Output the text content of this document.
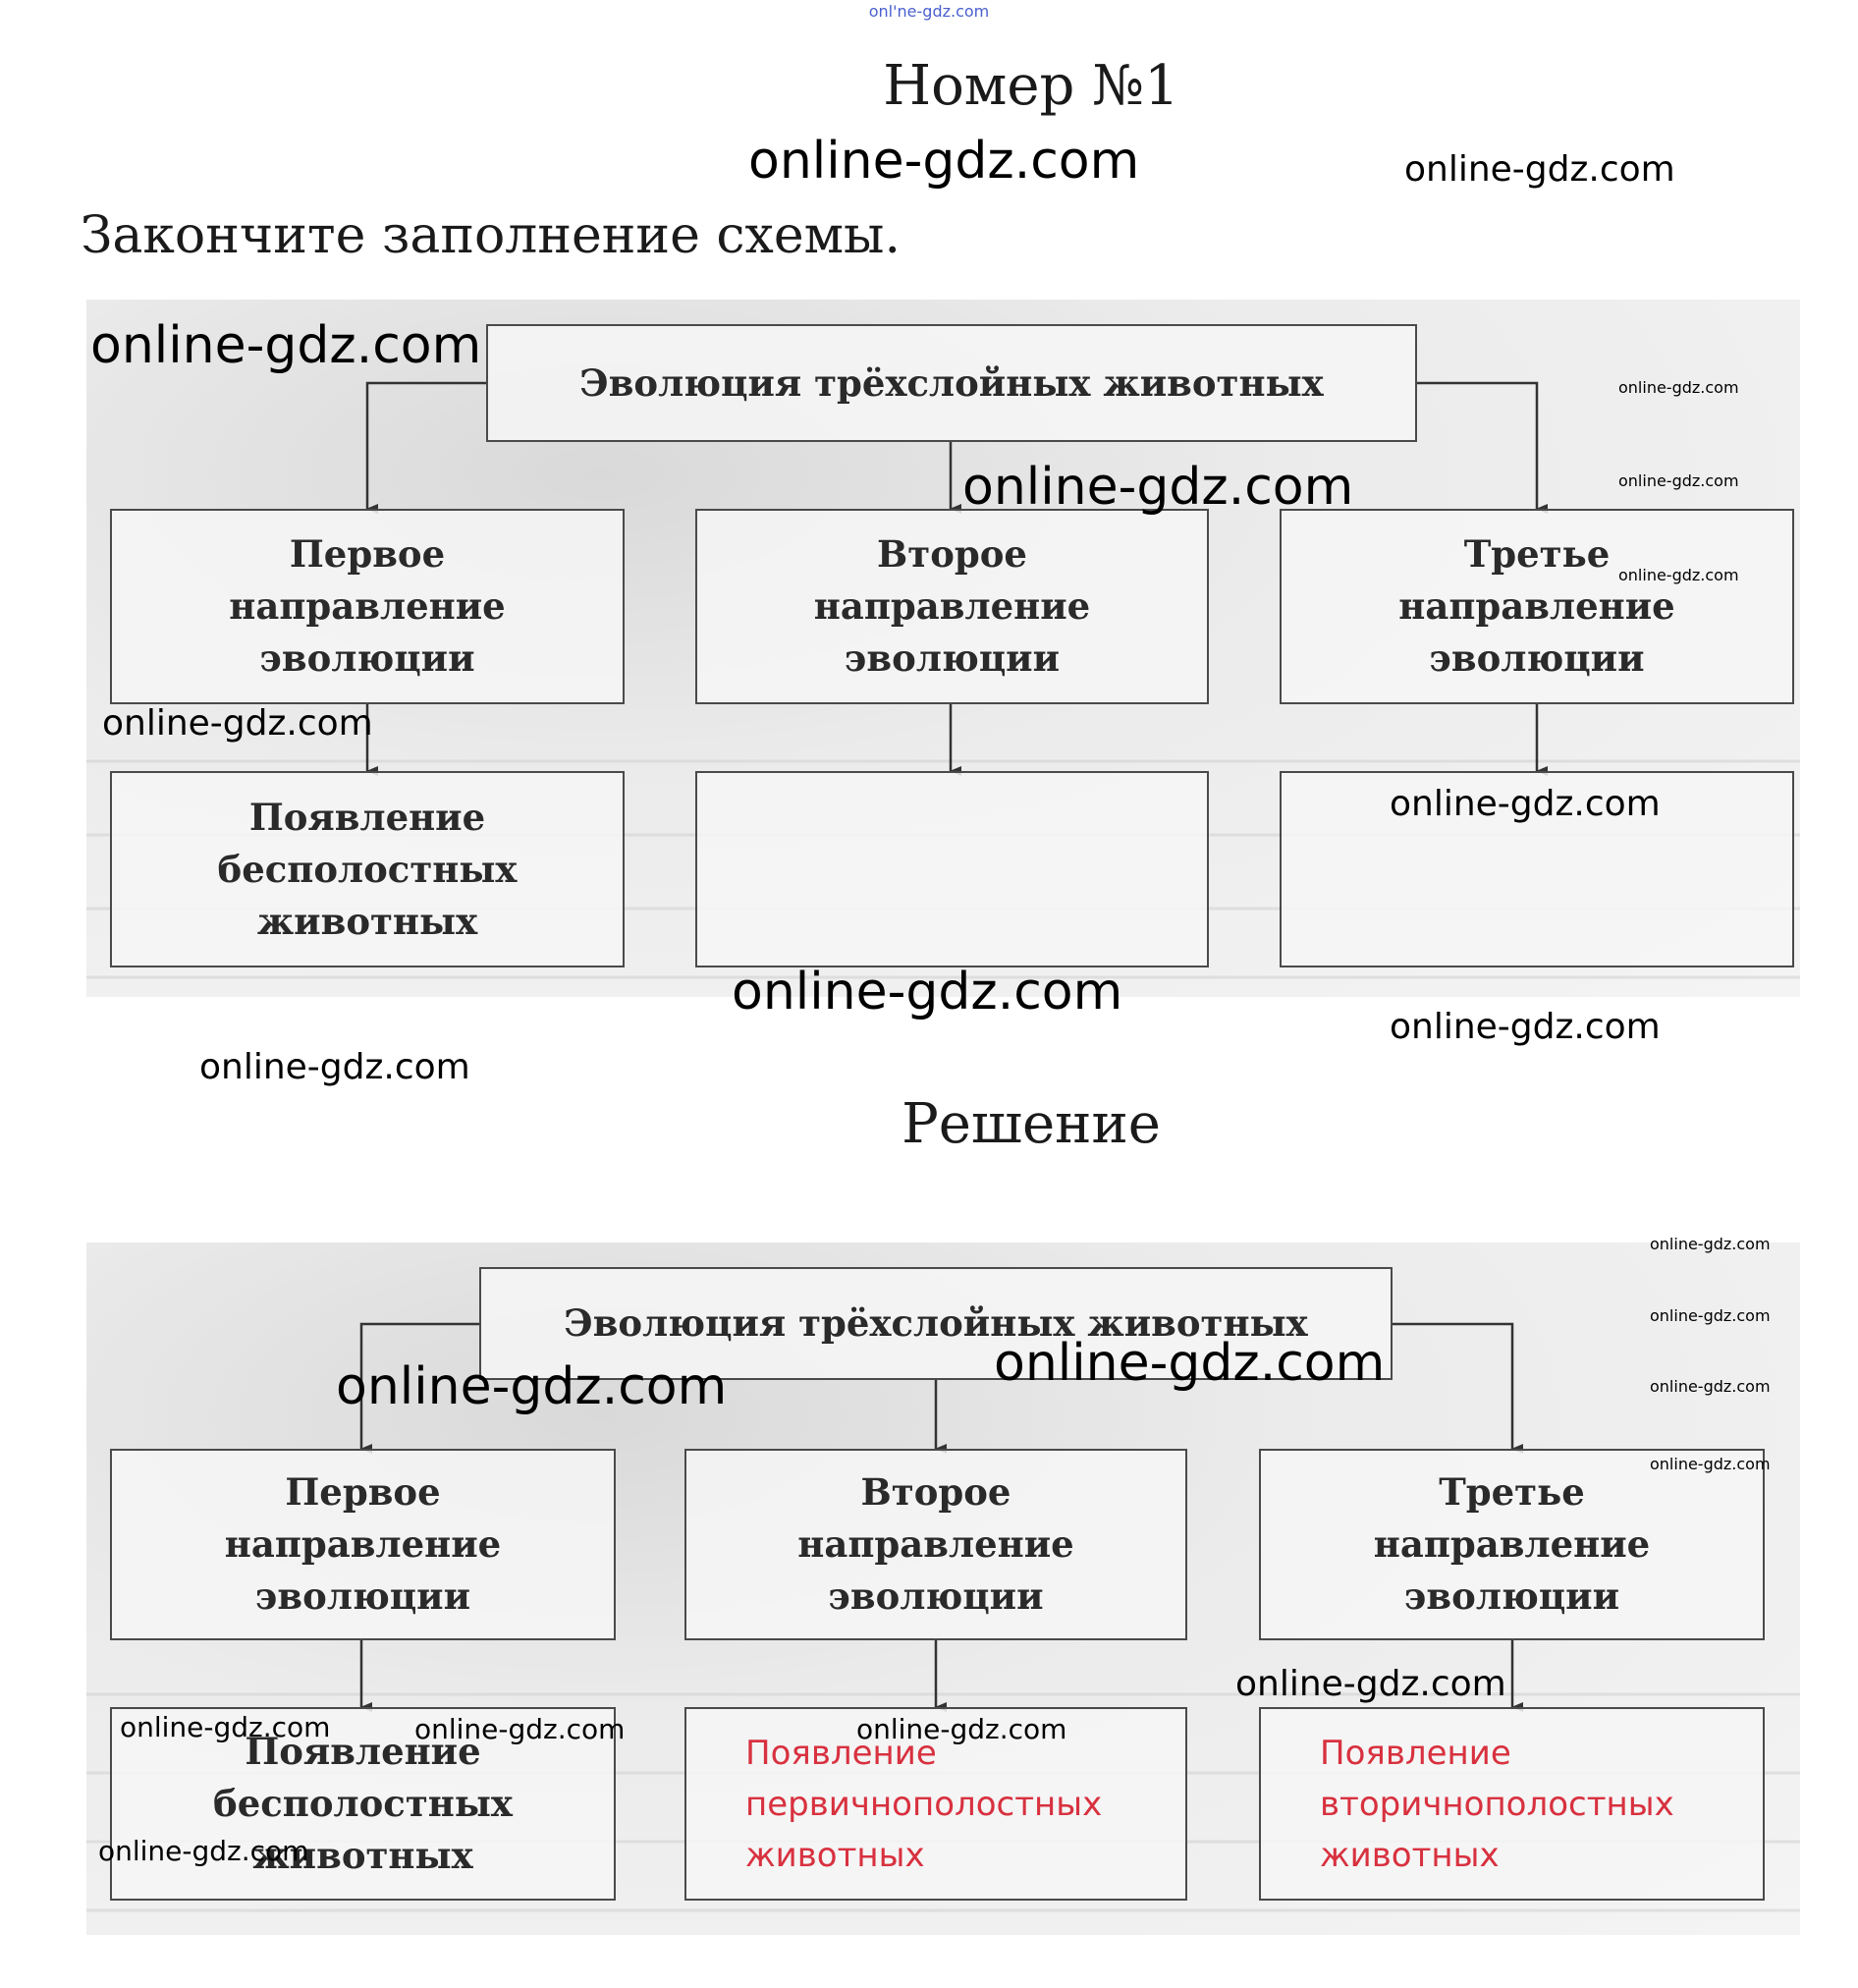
onl'ne-gdz.com
Номер №1
Закончите заполнение схемы.
Решение
Эволюция трёхслойных животных
Первое
направление
эволюции
Второе
направление
эволюции
Третье
направление
эволюции
Появление
бесполостных
животных
Эволюция трёхслойных животных
Первое
направление
эволюции
Второе
направление
эволюции
Третье
направление
эволюции
Появление
бесполостных
животных
Появление
первичнополостных
животных
Появление
вторичнополостных
животных
online-gdz.com	online-gdz.com
online-gdz.com
online-gdz.com
online-gdz.com	online-gdz.com
online-gdz.com
online-gdz.com
online-gdz.com
online-gdz.com
online-gdz.com
online-gdz.com
online-gdz.com
online-gdz.com
online-gdz.com
online-gdz.com	online-gdz.com
online-gdz.com
online-gdz.com
online-gdz.com	online-gdz.com	online-gdz.com
online-gdz.com
